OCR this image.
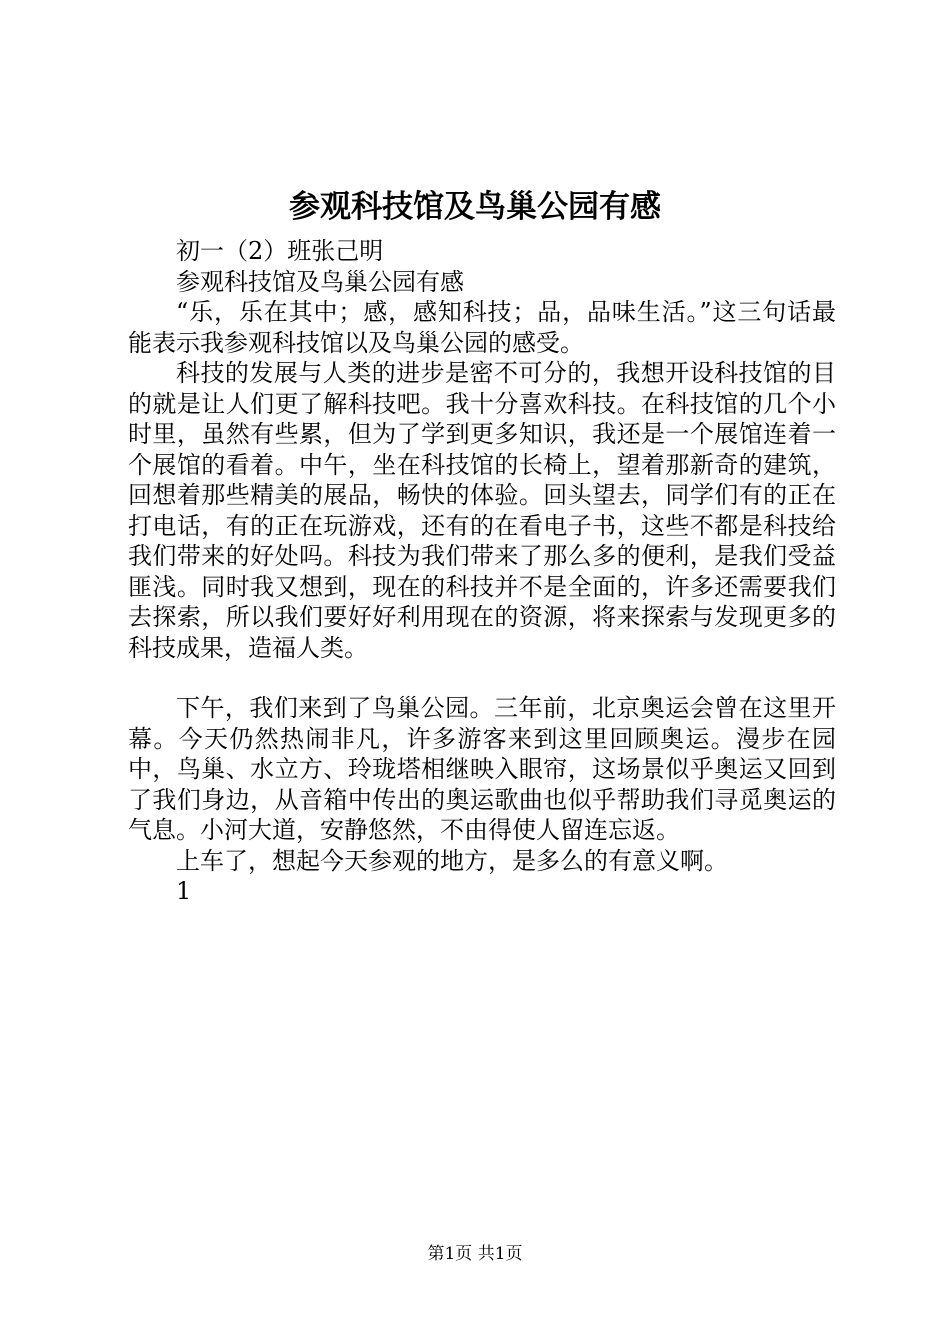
参观科技馆及鸟巢公园有感

初一（2）班张己明

参观科技馆及鸟巢公园有感

“乐，乐在其中；感，感知科技；品，品味生活。”这三句话最能表示我参观科技馆以及鸟巢公园的感受。

科技的发展与人类的进步是密不可分的，我想开设科技馆的目的就是让人们更了解科技吧。我十分喜欢科技。在科技馆的几个小时里，虽然有些累，但为了学到更多知识，我还是一个展馆连着一个展馆的看着。中午，坐在科技馆的长椅上，望着那新奇的建筑，回想着那些精美的展品，畅快的体验。回头望去，同学们有的正在打电话，有的正在玩游戏，还有的在看电子书，这些不都是科技给我们带来的好处吗。科技为我们带来了那么多的便利，是我们受益匪浅。同时我又想到，现在的科技并不是全面的，许多还需要我们去探索，所以我们要好好利用现在的资源，将来探索与发现更多的科技成果，造福人类。

下午，我们来到了鸟巢公园。三年前，北京奥运会曾在这里开幕。今天仍然热闹非凡，许多游客来到这里回顾奥运。漫步在园中，鸟巢、水立方、玲珑塔相继映入眼帘，这场景似乎奥运又回到了我们身边，从音箱中传出的奥运歌曲也似乎帮助我们寻觅奥运的气息。小河大道，安静悠然，不由得使人留连忘返。

上车了，想起今天参观的地方，是多么的有意义啊。

1

第1页 共1页
